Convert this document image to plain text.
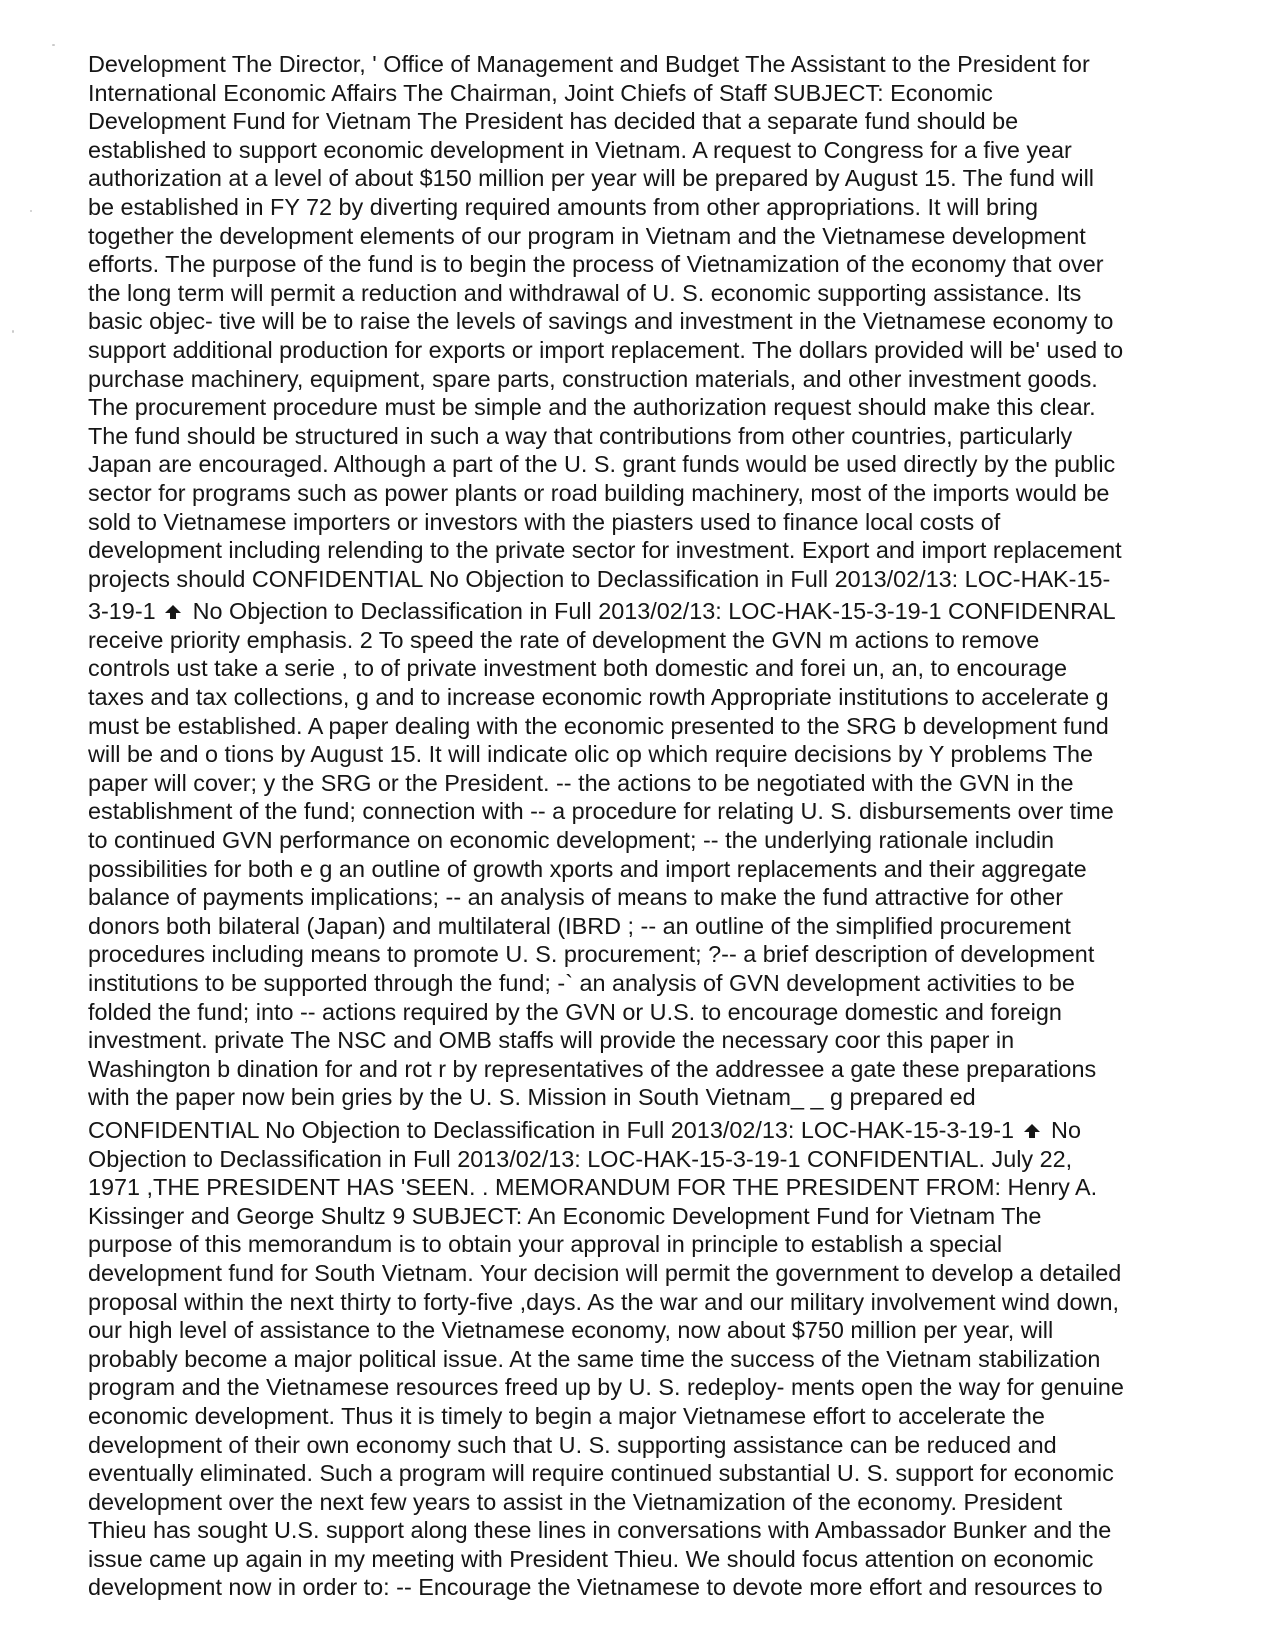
Development The Director, ' Office of Management and Budget The Assistant to the President for
International Economic Affairs The Chairman, Joint Chiefs of Staff SUBJECT: Economic
Development Fund for Vietnam The President has decided that a separate fund should be
established to support economic development in Vietnam. A request to Congress for a five year
authorization at a level of about $150 million per year will be prepared by August 15. The fund will
be established in FY 72 by diverting required amounts from other appropriations. It will bring
together the development elements of our program in Vietnam and the Vietnamese development
efforts. The purpose of the fund is to begin the process of Vietnamization of the economy that over
the long term will permit a reduction and withdrawal of U. S. economic supporting assistance. Its
basic objec- tive will be to raise the levels of savings and investment in the Vietnamese economy to
support additional production for exports or import replacement. The dollars provided will be' used to
purchase machinery, equipment, spare parts, construction materials, and other investment goods.
The procurement procedure must be simple and the authorization request should make this clear.
The fund should be structured in such a way that contributions from other countries, particularly
Japan are encouraged. Although a part of the U. S. grant funds would be used directly by the public
sector for programs such as power plants or road building machinery, most of the imports would be
sold to Vietnamese importers or investors with the piasters used to finance local costs of
development including relending to the private sector for investment. Export and import replacement
projects should CONFIDENTIAL No Objection to Declassification in Full 2013/02/13: LOC-HAK-15-
3-19-1 No Objection to Declassification in Full 2013/02/13: LOC-HAK-15-3-19-1 CONFIDENRAL
receive priority emphasis. 2 To speed the rate of development the GVN m actions to remove
controls ust take a serie , to of private investment both domestic and forei un, an, to encourage
taxes and tax collections, g and to increase economic rowth Appropriate institutions to accelerate g
must be established. A paper dealing with the economic presented to the SRG b development fund
will be and o tions by August 15. It will indicate olic op which require decisions by Y problems The
paper will cover; y the SRG or the President. -- the actions to be negotiated with the GVN in the
establishment of the fund; connection with -- a procedure for relating U. S. disbursements over time
to continued GVN performance on economic development; -- the underlying rationale includin
possibilities for both e g an outline of growth xports and import replacements and their aggregate
balance of payments implications; -- an analysis of means to make the fund attractive for other
donors both bilateral (Japan) and multilateral (IBRD ; -- an outline of the simplified procurement
procedures including means to promote U. S. procurement; ?-- a brief description of development
institutions to be supported through the fund; -` an analysis of GVN development activities to be
folded the fund; into -- actions required by the GVN or U.S. to encourage domestic and foreign
investment. private The NSC and OMB staffs will provide the necessary coor this paper in
Washington b dination for and rot r by representatives of the addressee a gate these preparations
with the paper now bein gries by the U. S. Mission in South Vietnam_ _ g prepared ed
CONFIDENTIAL No Objection to Declassification in Full 2013/02/13: LOC-HAK-15-3-19-1 No
Objection to Declassification in Full 2013/02/13: LOC-HAK-15-3-19-1 CONFIDENTIAL. July 22,
1971 ,THE PRESIDENT HAS 'SEEN. . MEMORANDUM FOR THE PRESIDENT FROM: Henry A.
Kissinger and George Shultz 9 SUBJECT: An Economic Development Fund for Vietnam The
purpose of this memorandum is to obtain your approval in principle to establish a special
development fund for South Vietnam. Your decision will permit the government to develop a detailed
proposal within the next thirty to forty-five ,days. As the war and our military involvement wind down,
our high level of assistance to the Vietnamese economy, now about $750 million per year, will
probably become a major political issue. At the same time the success of the Vietnam stabilization
program and the Vietnamese resources freed up by U. S. redeploy- ments open the way for genuine
economic development. Thus it is timely to begin a major Vietnamese effort to accelerate the
development of their own economy such that U. S. supporting assistance can be reduced and
eventually eliminated. Such a program will require continued substantial U. S. support for economic
development over the next few years to assist in the Vietnamization of the economy. President
Thieu has sought U.S. support along these lines in conversations with Ambassador Bunker and the
issue came up again in my meeting with President Thieu. We should focus attention on economic
development now in order to: -- Encourage the Vietnamese to devote more effort and resources to
